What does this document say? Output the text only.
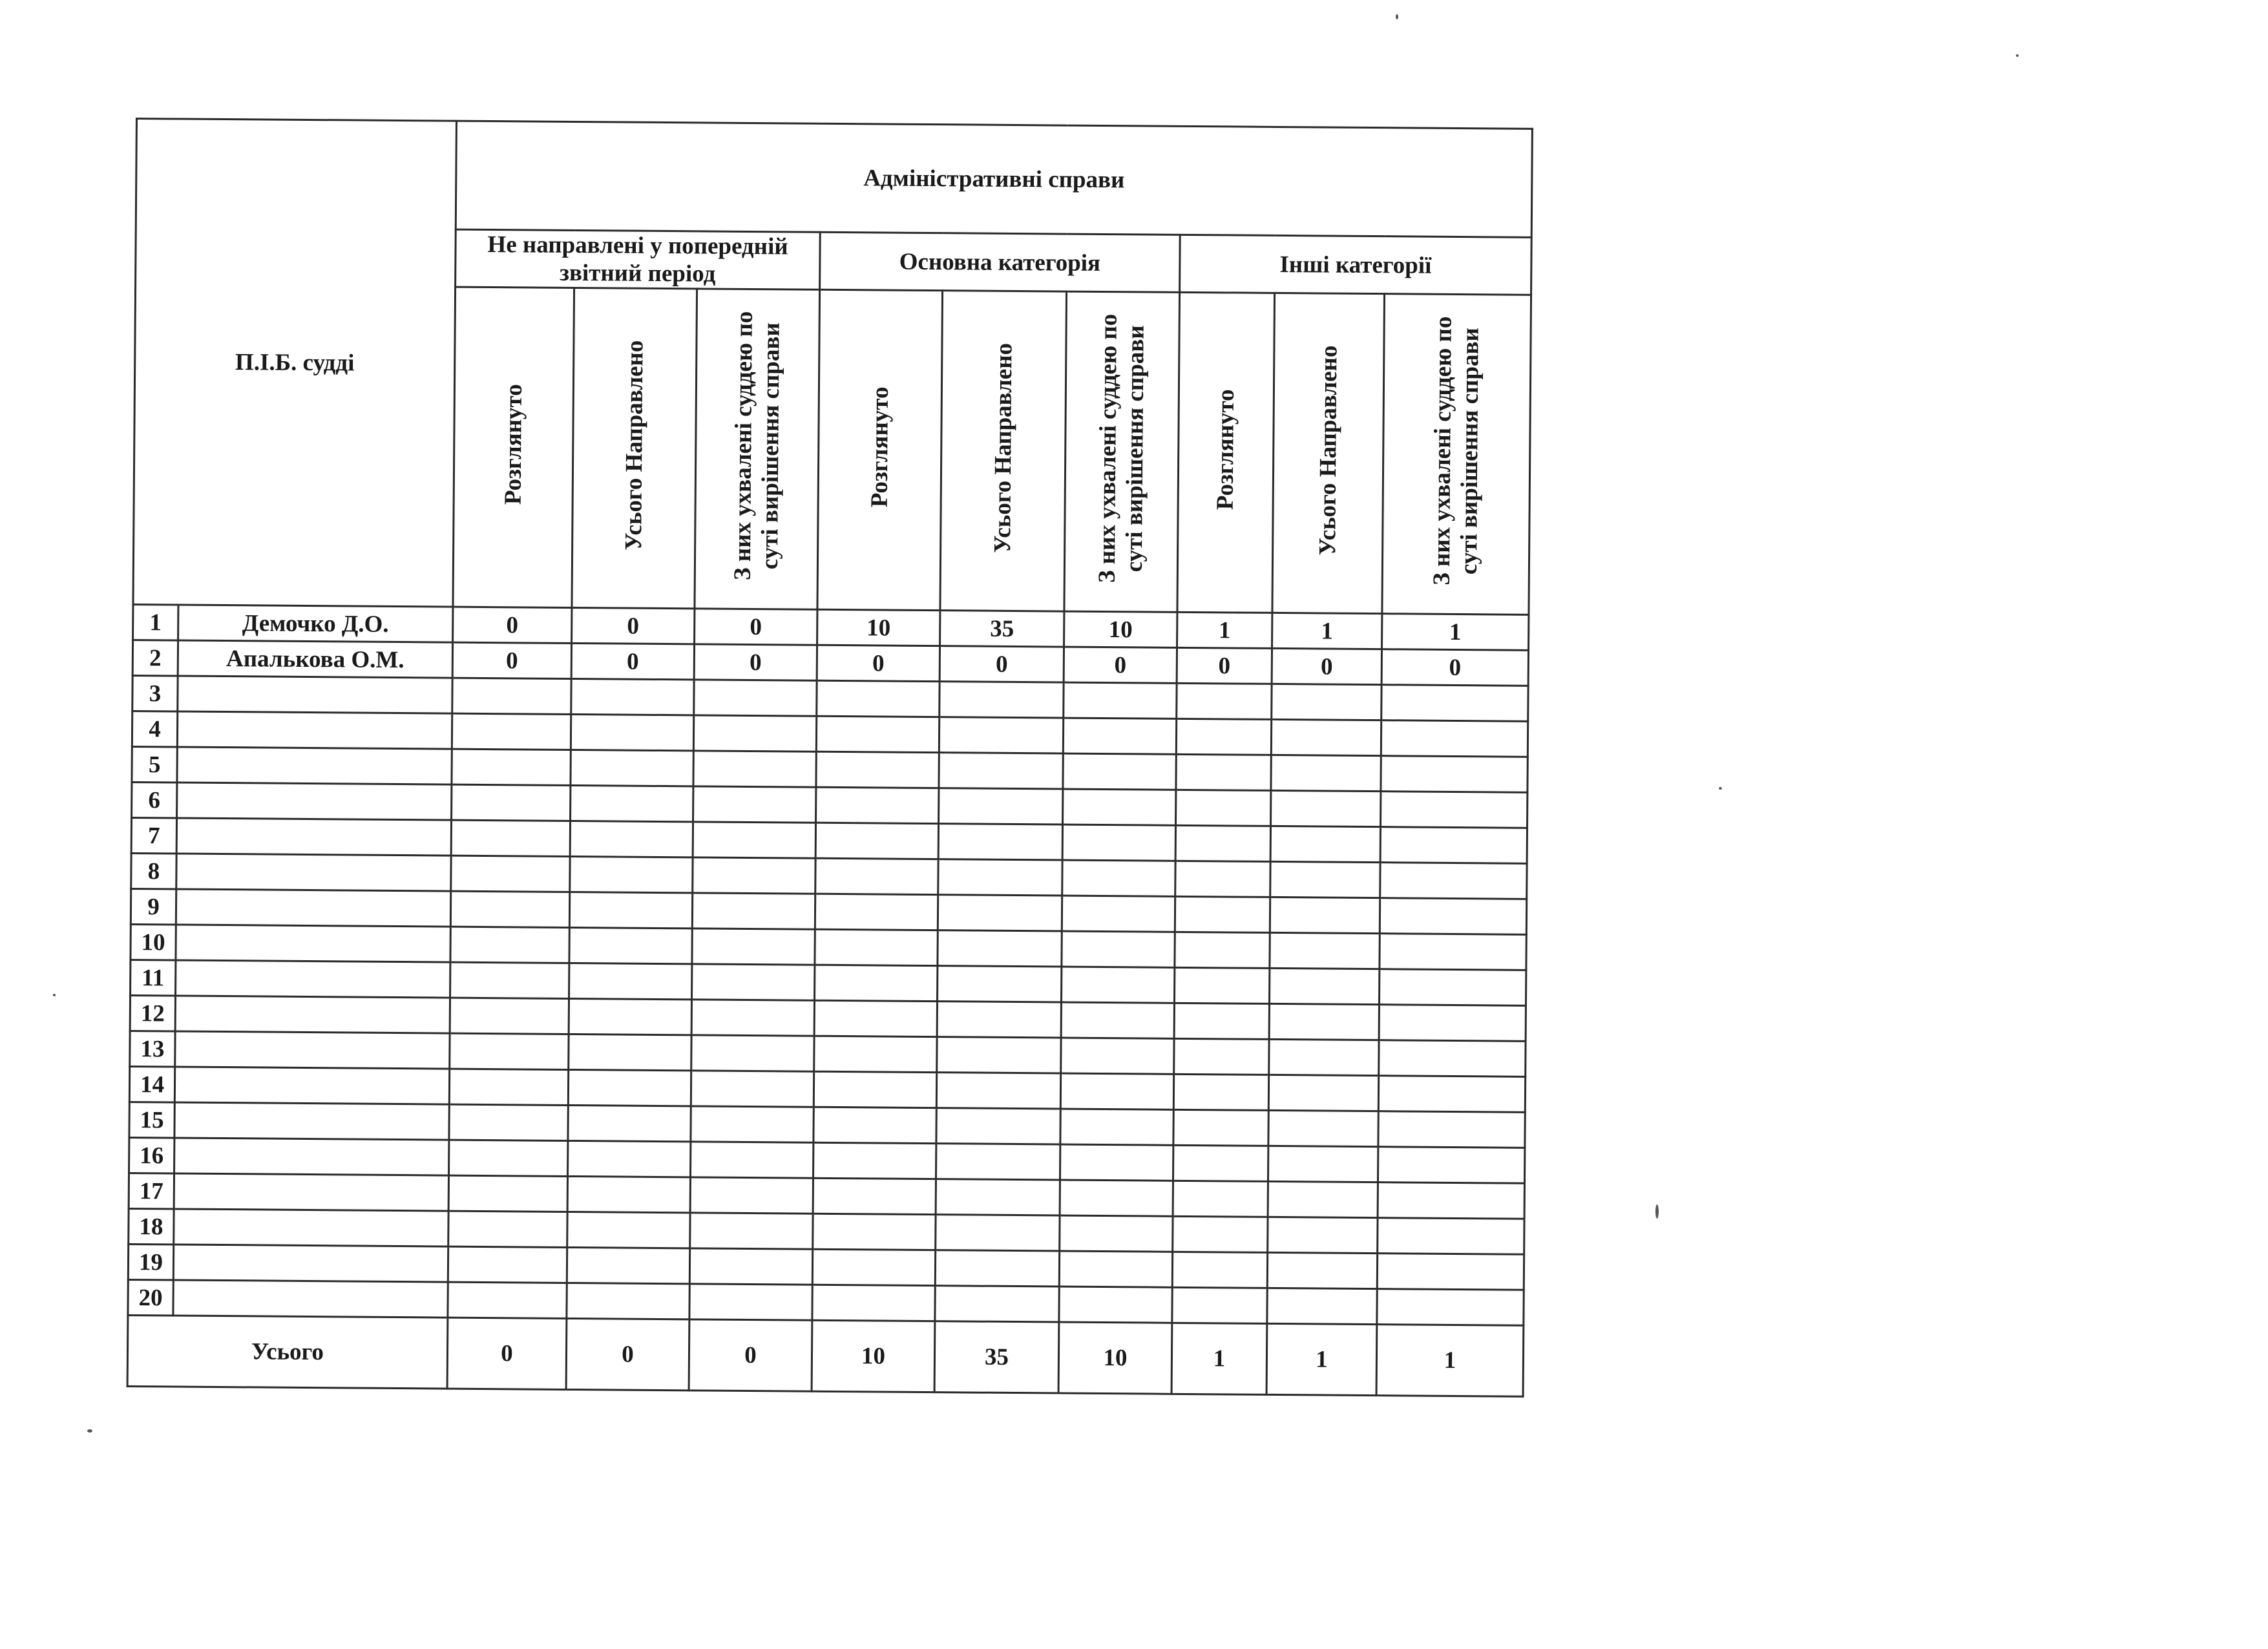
П.І.Б. судді		Адміністративні справи								
		Не направлені у попередній звітний період			Основна категорія			Інші категорії		
		Розглянуто	Усього Направлено	З них ухвалені суддею по суті вирішення справи	Розглянуто	Усього Направлено	З них ухвалені суддею по суті вирішення справи	Розглянуто	Усього Направлено	З них ухвалені суддею по суті вирішення справи
1	Демочко Д.О.	0	0	0	10	35	10	1	1	1
2	Апалькова О.М.	0	0	0	0	0	0	0	0	0
3										
4										
5										
6										
7										
8										
9										
10										
11										
12										
13										
14										
15										
16										
17										
18										
19										
20										
Усього		0	0	0	10	35	10	1	1	1
